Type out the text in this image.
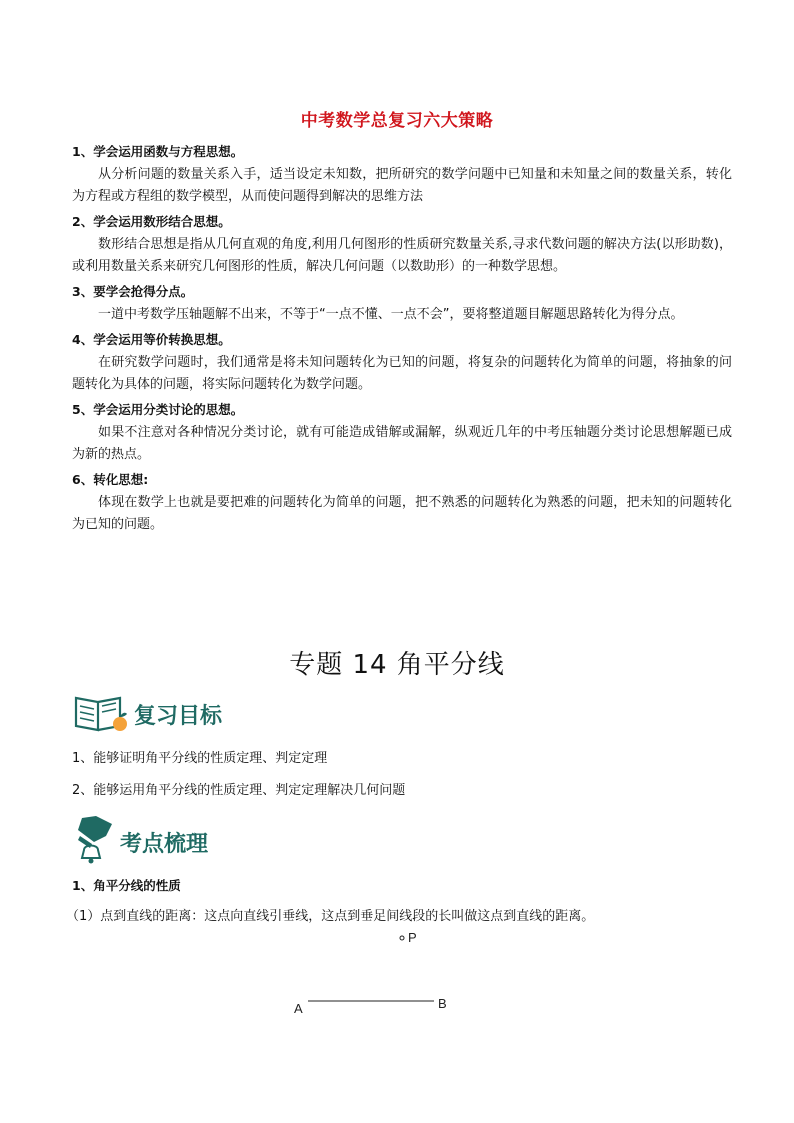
中考数学总复习六大策略

1、学会运用函数与方程思想。

从分析问题的数量关系入手，适当设定未知数，把所研究的数学问题中已知量和未知量之间的数量关系，转化为方程或方程组的数学模型，从而使问题得到解决的思维方法

2、学会运用数形结合思想。

数形结合思想是指从几何直观的角度,利用几何图形的性质研究数量关系,寻求代数问题的解决方法(以形助数)，或利用数量关系来研究几何图形的性质，解决几何问题（以数助形）的一种数学思想。

3、要学会抢得分点。

一道中考数学压轴题解不出来，不等于“一点不懂、一点不会”，要将整道题目解题思路转化为得分点。

4、学会运用等价转换思想。

在研究数学问题时，我们通常是将未知问题转化为已知的问题，将复杂的问题转化为简单的问题，将抽象的问题转化为具体的问题，将实际问题转化为数学问题。

5、学会运用分类讨论的思想。

如果不注意对各种情况分类讨论，就有可能造成错解或漏解，纵观近几年的中考压轴题分类讨论思想解题已成为新的热点。

6、转化思想:

体现在数学上也就是要把难的问题转化为简单的问题，把不熟悉的问题转化为熟悉的问题，把未知的问题转化为已知的问题。

专题 14 角平分线
复习目标

1、能够证明角平分线的性质定理、判定定理

2、能够运用角平分线的性质定理、判定定理解决几何问题

考点梳理
1、角平分线的性质
（1）点到直线的距离：这点向直线引垂线，这点到垂足间线段的长叫做这点到直线的距离。
P
A	B
